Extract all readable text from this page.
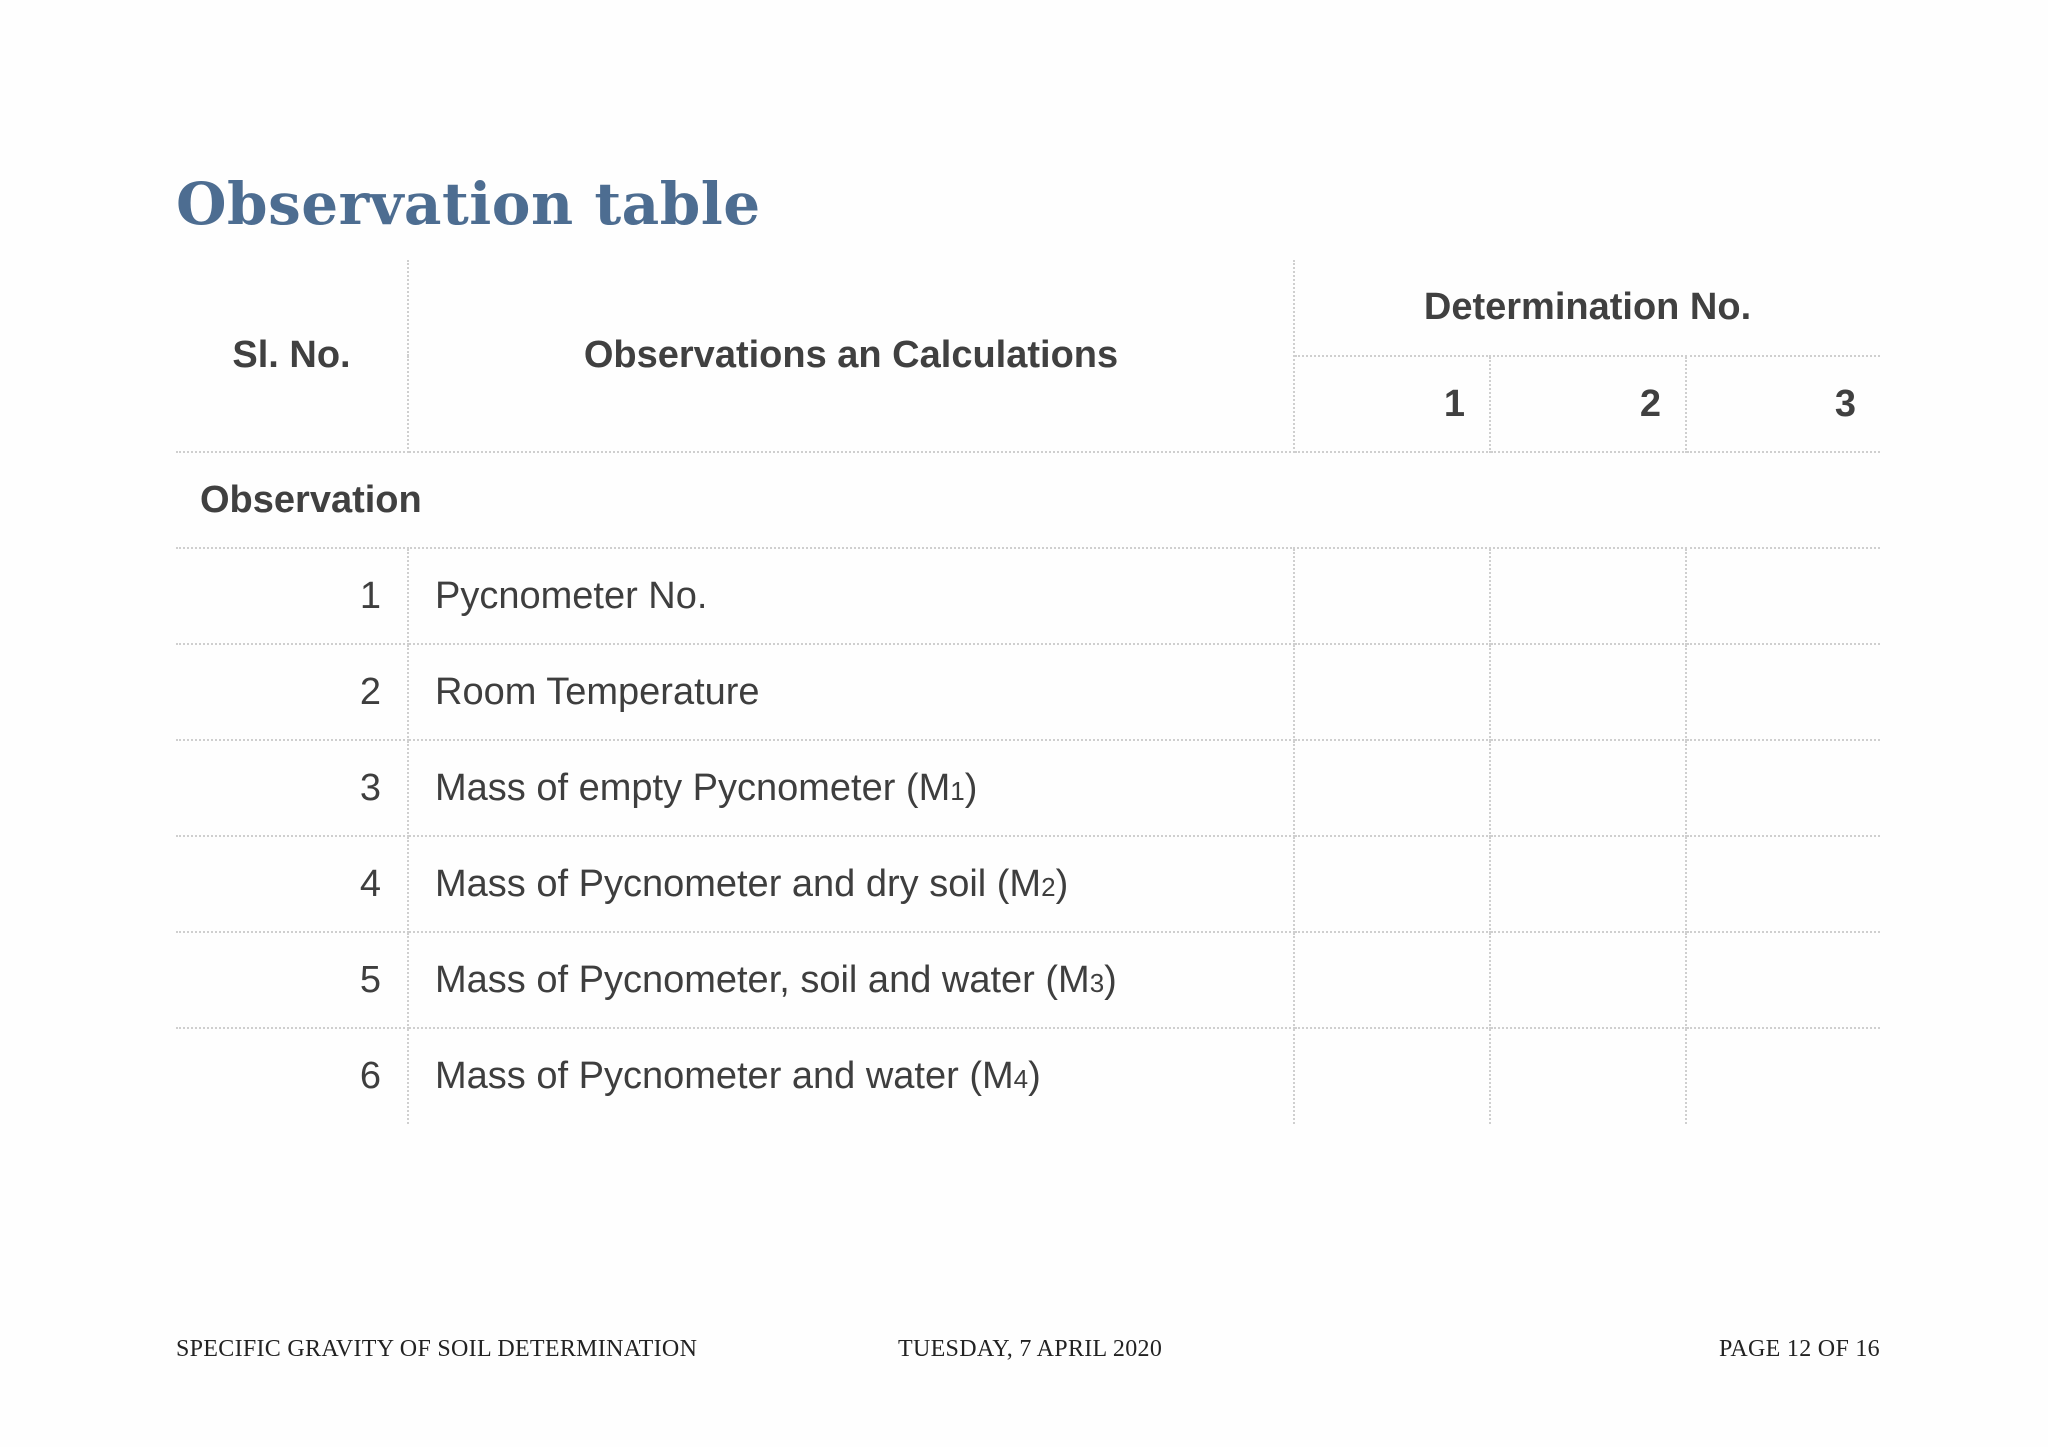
Observation table
Sl. No.	Observations an Calculations	Determination No.		
		1	2	3
Observation				
1	Pycnometer No.			
2	Room Temperature			
3	Mass of empty Pycnometer (M1)			
4	Mass of Pycnometer and dry soil (M2)			
5	Mass of Pycnometer, soil and water (M3)			
6	Mass of Pycnometer and water (M4)			
SPECIFIC GRAVITY OF SOIL DETERMINATION	TUESDAY, 7 APRIL 2020	PAGE 12 OF 16
